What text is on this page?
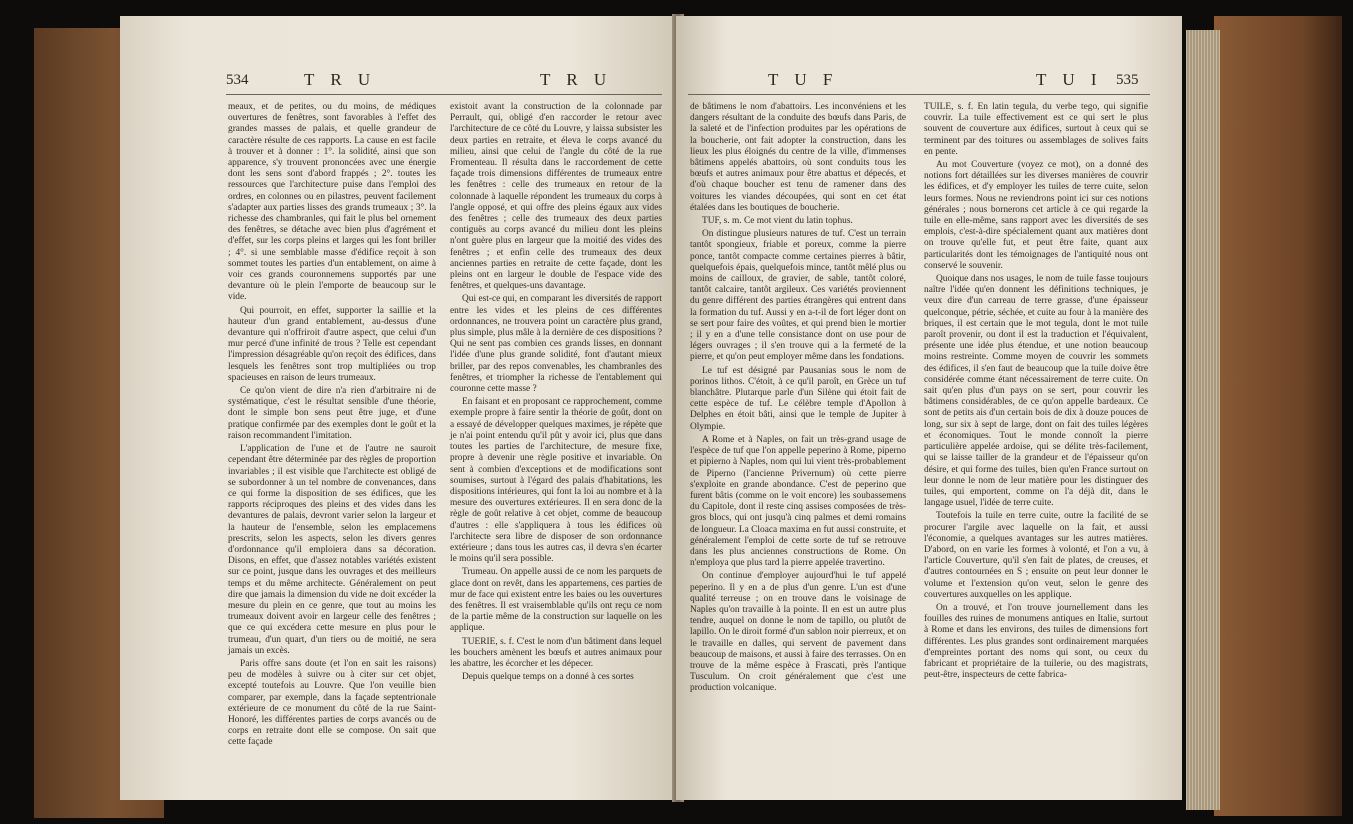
534	T R U	T R U

meaux, et de petites, ou du moins, de médiques ouvertures de fenêtres, sont favorables à l'effet des grandes masses de palais, et quelle grandeur de caractère résulte de ces rapports. La cause en est facile à trouver et à donner : 1°. la solidité, ainsi que son apparence, s'y trouvent prononcées avec une énergie dont les sens sont d'abord frappés ; 2°. toutes les ressources que l'architecture puise dans l'emploi des ordres, en colonnes ou en pilastres, peuvent facilement s'adapter aux parties lisses des grands trumeaux ; 3°. la richesse des chambranles, qui fait le plus bel ornement des fenêtres, se détache avec bien plus d'agrément et d'effet, sur les corps pleins et larges qui les font briller ; 4°. si une semblable masse d'édifice reçoit à son sommet toutes les parties d'un entablement, on aime à voir ces grands couronnemens supportés par une devanture où le plein l'emporte de beaucoup sur le vide.

Qui pourroit, en effet, supporter la saillie et la hauteur d'un grand entablement, au-dessus d'une devanture qui n'offriroit d'autre aspect, que celui d'un mur percé d'une infinité de trous ? Telle est cependant l'impression désagréable qu'on reçoit des édifices, dans lesquels les fenêtres sont trop multipliées ou trop spacieuses en raison de leurs trumeaux.

Ce qu'on vient de dire n'a rien d'arbitraire ni de systématique, c'est le résultat sensible d'une théorie, dont le simple bon sens peut être juge, et d'une pratique confirmée par des exemples dont le goût et la raison recommandent l'imitation.

L'application de l'une et de l'autre ne sauroit cependant être déterminée par des règles de proportion invariables ; il est visible que l'architecte est obligé de se subordonner à un tel nombre de convenances, dans ce qui forme la disposition de ses édifices, que les rapports réciproques des pleins et des vides dans les devantures de palais, devront varier selon la largeur et la hauteur de l'ensemble, selon les emplacemens prescrits, selon les aspects, selon les divers genres d'ordonnance qu'il emploiera dans sa décoration. Disons, en effet, que d'assez notables variétés existent sur ce point, jusque dans les ouvrages et des meilleurs temps et du même architecte. Généralement on peut dire que jamais la dimension du vide ne doit excéder la mesure du plein en ce genre, que tout au moins les trumeaux doivent avoir en largeur celle des fenêtres ; que ce qui excédera cette mesure en plus pour le trumeau, d'un quart, d'un tiers ou de moitié, ne sera jamais un excès.

Paris offre sans doute (et l'on en sait les raisons) peu de modèles à suivre ou à citer sur cet objet, excepté toutefois au Louvre. Que l'on veuille bien comparer, par exemple, dans la façade septentrionale extérieure de ce monument du côté de la rue Saint-Honoré, les différentes parties de corps avancés ou de corps en retraite dont elle se compose. On sait que cette façade

existoit avant la construction de la colonnade par Perrault, qui, obligé d'en raccorder le retour avec l'architecture de ce côté du Louvre, y laissa subsister les deux parties en retraite, et éleva le corps avancé du milieu, ainsi que celui de l'angle du côté de la rue Fromenteau. Il résulta dans le raccordement de cette façade trois dimensions différentes de trumeaux entre les fenêtres : celle des trumeaux en retour de la colonnade à laquelle répondent les trumeaux du corps à l'angle opposé, et qui offre des pleins égaux aux vides des fenêtres ; celle des trumeaux des deux parties contiguës au corps avancé du milieu dont les pleins n'ont guère plus en largeur que la moitié des vides des fenêtres ; et enfin celle des trumeaux des deux anciennes parties en retraite de cette façade, dont les pleins ont en largeur le double de l'espace vide des fenêtres, et quelques-uns davantage.

Qui est-ce qui, en comparant les diversités de rapport entre les vides et les pleins de ces différentes ordonnances, ne trouvera point un caractère plus grand, plus simple, plus mâle à la dernière de ces dispositions ? Qui ne sent pas combien ces grands lisses, en donnant l'idée d'une plus grande solidité, font d'autant mieux briller, par des repos convenables, les chambranles des fenêtres, et triompher la richesse de l'entablement qui couronne cette masse ?

En faisant et en proposant ce rapprochement, comme exemple propre à faire sentir la théorie de goût, dont on a essayé de développer quelques maximes, je répète que je n'ai point entendu qu'il pût y avoir ici, plus que dans toutes les parties de l'architecture, de mesure fixe, propre à devenir une règle positive et invariable. On sent à combien d'exceptions et de modifications sont soumises, surtout à l'égard des palais d'habitations, les dispositions intérieures, qui font la loi au nombre et à la mesure des ouvertures extérieures. Il en sera donc de la règle de goût relative à cet objet, comme de beaucoup d'autres : elle s'appliquera à tous les édifices où l'architecte sera libre de disposer de son ordonnance extérieure ; dans tous les autres cas, il devra s'en écarter le moins qu'il sera possible.

Trumeau. On appelle aussi de ce nom les parquets de glace dont on revêt, dans les appartemens, ces parties de mur de face qui existent entre les baies ou les ouvertures des fenêtres. Il est vraisemblable qu'ils ont reçu ce nom de la partie même de la construction sur laquelle on les applique.

TUERIE, s. f. C'est le nom d'un bâtiment dans lequel les bouchers amènent les bœufs et autres animaux pour les abattre, les écorcher et les dépecer.

Depuis quelque temps on a donné à ces sortes

T U F	T U I 535

de bâtimens le nom d'abattoirs. Les inconvéniens et les dangers résultant de la conduite des bœufs dans Paris, de la saleté et de l'infection produites par les opérations de la boucherie, ont fait adopter la construction, dans les lieux les plus éloignés du centre de la ville, d'immenses bâtimens appelés abattoirs, où sont conduits tous les bœufs et autres animaux pour être abattus et dépecés, et d'où chaque boucher est tenu de ramener dans des voitures les viandes découpées, qui sont en cet état étalées dans les boutiques de boucherie.

TUF, s. m. Ce mot vient du latin tophus.

On distingue plusieurs natures de tuf. C'est un terrain tantôt spongieux, friable et poreux, comme la pierre ponce, tantôt compacte comme certaines pierres à bâtir, quelquefois épais, quelquefois mince, tantôt mêlé plus ou moins de cailloux, de gravier, de sable, tantôt coloré, tantôt calcaire, tantôt argileux. Ces variétés proviennent du genre différent des parties étrangères qui entrent dans la formation du tuf. Aussi y en a-t-il de fort léger dont on se sert pour faire des voûtes, et qui prend bien le mortier ; il y en a d'une telle consistance dont on use pour de légers ouvrages ; il s'en trouve qui a la fermeté de la pierre, et qu'on peut employer même dans les fondations.

Le tuf est désigné par Pausanias sous le nom de porinos lithos. C'étoit, à ce qu'il paroît, en Grèce un tuf blanchâtre. Plutarque parle d'un Silène qui étoit fait de cette espèce de tuf. Le célèbre temple d'Apollon à Delphes en étoit bâti, ainsi que le temple de Jupiter à Olympie.

A Rome et à Naples, on fait un très-grand usage de l'espèce de tuf que l'on appelle peperino à Rome, piperno et pipierno à Naples, nom qui lui vient très-probablement de Piperno (l'ancienne Privernum) où cette pierre s'exploite en grande abondance. C'est de peperino que furent bâtis (comme on le voit encore) les soubassemens du Capitole, dont il reste cinq assises composées de très-gros blocs, qui ont jusqu'à cinq palmes et demi romains de longueur. La Cloaca maxima en fut aussi construite, et généralement l'emploi de cette sorte de tuf se retrouve dans les plus anciennes constructions de Rome. On n'employa que plus tard la pierre appelée travertino.

On continue d'employer aujourd'hui le tuf appelé peperino. Il y en a de plus d'un genre. L'un est d'une qualité terreuse ; on en trouve dans le voisinage de Naples qu'on travaille à la pointe. Il en est un autre plus tendre, auquel on donne le nom de tapillo, ou plutôt de lapillo. On le diroit formé d'un sablon noir pierreux, et on le travaille en dalles, qui servent de pavement dans beaucoup de maisons, et aussi à faire des terrasses. On en trouve de la même espèce à Frascati, près l'antique Tusculum. On croit généralement que c'est une production volcanique.

TUILE, s. f. En latin tegula, du verbe tego, qui signifie couvrir. La tuile effectivement est ce qui sert le plus souvent de couverture aux édifices, surtout à ceux qui se terminent par des toitures ou assemblages de solives faits en pente.

Au mot Couverture (voyez ce mot), on a donné des notions fort détaillées sur les diverses manières de couvrir les édifices, et d'y employer les tuiles de terre cuite, selon leurs formes. Nous ne reviendrons point ici sur ces notions générales ; nous bornerons cet article à ce qui regarde la tuile en elle-même, sans rapport avec les diversités de ses emplois, c'est-à-dire spécialement quant aux matières dont on trouve qu'elle fut, et peut être faite, quant aux particularités dont les témoignages de l'antiquité nous ont conservé le souvenir.

Quoique dans nos usages, le nom de tuile fasse toujours naître l'idée qu'en donnent les définitions techniques, je veux dire d'un carreau de terre grasse, d'une épaisseur quelconque, pétrie, séchée, et cuite au four à la manière des briques, il est certain que le mot tegula, dont le mot tuile paroît provenir, ou dont il est la traduction et l'équivalent, présente une idée plus étendue, et une notion beaucoup moins restreinte. Comme moyen de couvrir les sommets des édifices, il s'en faut de beaucoup que la tuile doive être considérée comme étant nécessairement de terre cuite. On sait qu'en plus d'un pays on se sert, pour couvrir les bâtimens considérables, de ce qu'on appelle bardeaux. Ce sont de petits ais d'un certain bois de dix à douze pouces de long, sur six à sept de large, dont on fait des tuiles légères et économiques. Tout le monde connoît la pierre particulière appelée ardoise, qui se délite très-facilement, qui se laisse tailler de la grandeur et de l'épaisseur qu'on désire, et qui forme des tuiles, bien qu'en France surtout on leur donne le nom de leur matière pour les distinguer des tuiles, qui emportent, comme on l'a déjà dit, dans le langage usuel, l'idée de terre cuite.

Toutefois la tuile en terre cuite, outre la facilité de se procurer l'argile avec laquelle on la fait, et aussi l'économie, a quelques avantages sur les autres matières. D'abord, on en varie les formes à volonté, et l'on a vu, à l'article Couverture, qu'il s'en fait de plates, de creuses, et d'autres contournées en S ; ensuite on peut leur donner le volume et l'extension qu'on veut, selon le genre des couvertures auxquelles on les applique.

On a trouvé, et l'on trouve journellement dans les fouilles des ruines de monumens antiques en Italie, surtout à Rome et dans les environs, des tuiles de dimensions fort différentes. Les plus grandes sont ordinairement marquées d'empreintes portant des noms qui sont, ou ceux du fabricant et propriétaire de la tuilerie, ou des magistrats, peut-être, inspecteurs de cette fabrica-
